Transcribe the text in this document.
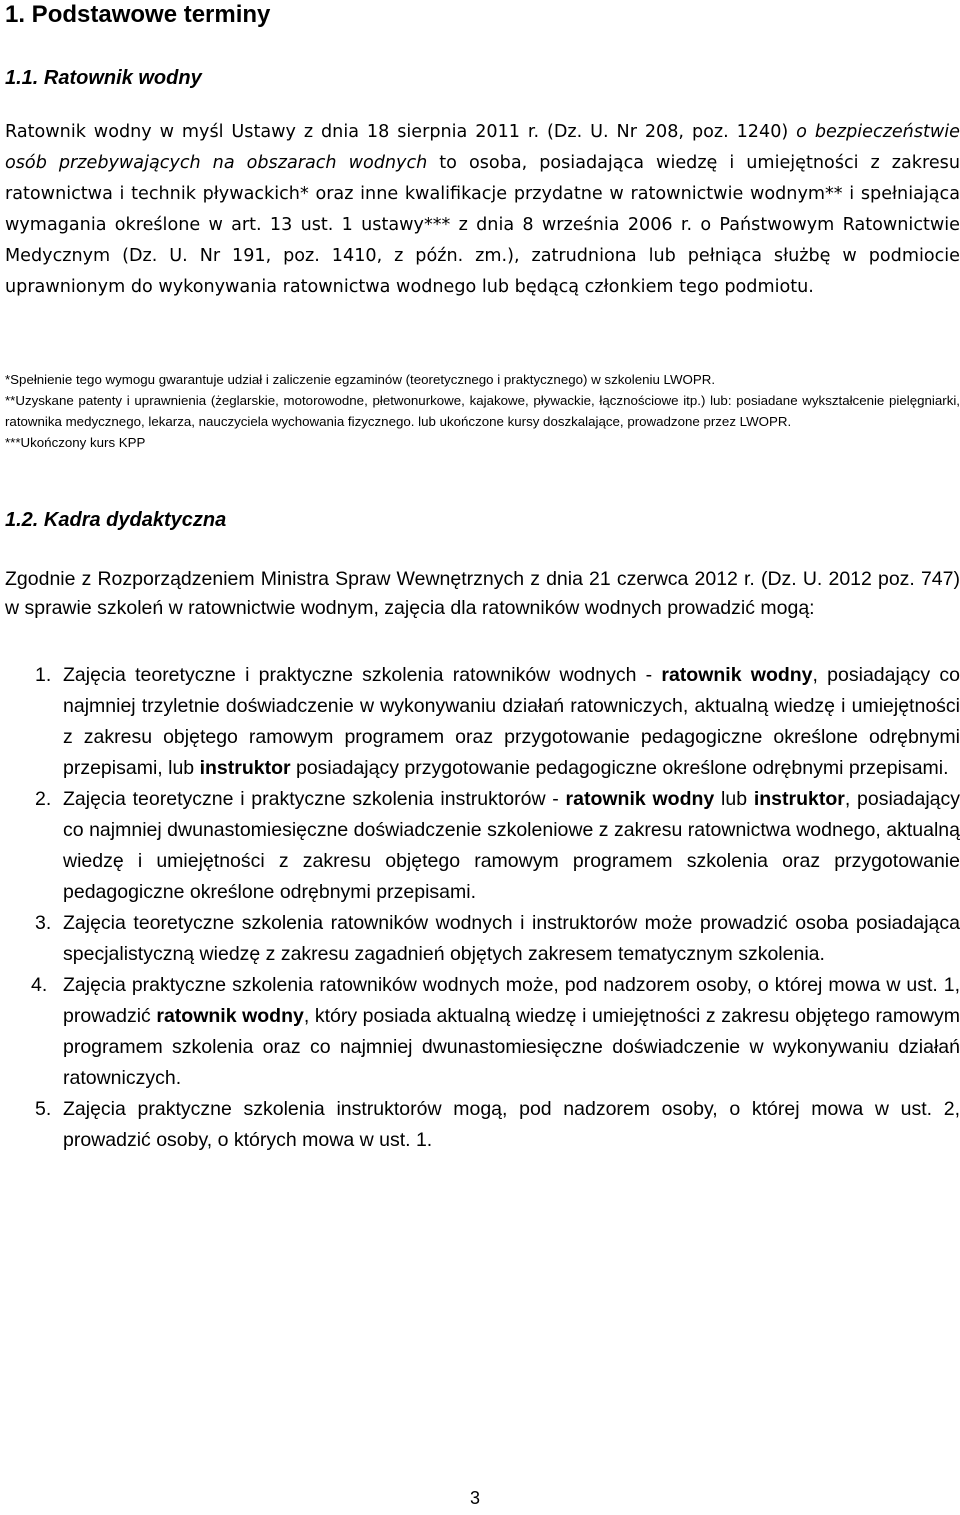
1. Podstawowe terminy
1.1. Ratownik wodny

Ratownik wodny w myśl Ustawy z dnia 18 sierpnia 2011 r. (Dz. U. Nr 208, poz. 1240) o bezpieczeństwie osób przebywających na obszarach wodnych to osoba, posiadająca wiedzę i umiejętności z zakresu ratownictwa i technik pływackich* oraz inne kwalifikacje przydatne w ratownictwie wodnym** i spełniająca wymagania określone w art. 13 ust. 1 ustawy*** z dnia 8 września 2006 r. o Państwowym Ratownictwie Medycznym (Dz. U. Nr 191, poz. 1410, z późn. zm.), zatrudniona lub pełniąca służbę w podmiocie uprawnionym do wykonywania ratownictwa wodnego lub będącą członkiem tego podmiotu.

*Spełnienie tego wymogu gwarantuje udział i zaliczenie egzaminów (teoretycznego i praktycznego) w szkoleniu LWOPR.

**Uzyskane patenty i uprawnienia (żeglarskie, motorowodne, płetwonurkowe, kajakowe, pływackie, łącznościowe itp.) lub: posiadane wykształcenie pielęgniarki, ratownika medycznego, lekarza, nauczyciela wychowania fizycznego. lub ukończone kursy doszkalające, prowadzone przez LWOPR.

***Ukończony kurs KPP

1.2. Kadra dydaktyczna

Zgodnie z Rozporządzeniem Ministra Spraw Wewnętrznych z dnia 21 czerwca 2012 r. (Dz. U. 2012 poz. 747) w sprawie szkoleń w ratownictwie wodnym, zajęcia dla ratowników wodnych prowadzić mogą:

1. Zajęcia teoretyczne i praktyczne szkolenia ratowników wodnych - ratownik wodny, posiadający co najmniej trzyletnie doświadczenie w wykonywaniu działań ratowniczych, aktualną wiedzę i umiejętności z zakresu objętego ramowym programem oraz przygotowanie pedagogiczne określone odrębnymi przepisami, lub instruktor posiadający przygotowanie pedagogiczne określone odrębnymi przepisami.
2. Zajęcia teoretyczne i praktyczne szkolenia instruktorów - ratownik wodny lub instruktor, posiadający co najmniej dwunastomiesięczne doświadczenie szkoleniowe z zakresu ratownictwa wodnego, aktualną wiedzę i umiejętności z zakresu objętego ramowym programem szkolenia oraz przygotowanie pedagogiczne określone odrębnymi przepisami.
3. Zajęcia teoretyczne szkolenia ratowników wodnych i instruktorów może prowadzić osoba posiadająca specjalistyczną wiedzę z zakresu zagadnień objętych zakresem tematycznym szkolenia.
4. Zajęcia praktyczne szkolenia ratowników wodnych może, pod nadzorem osoby, o której mowa w ust. 1, prowadzić ratownik wodny, który posiada aktualną wiedzę i umiejętności z zakresu objętego ramowym programem szkolenia oraz co najmniej dwunastomiesięczne doświadczenie w wykonywaniu działań ratowniczych.
5. Zajęcia praktyczne szkolenia instruktorów mogą, pod nadzorem osoby, o której mowa w ust. 2, prowadzić osoby, o których mowa w ust. 1.
3
